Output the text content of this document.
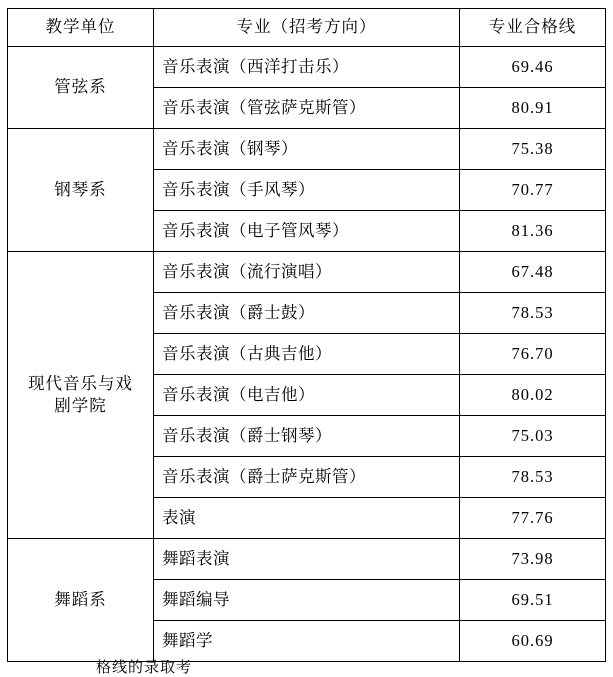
教学单位	专业（招考方向）	专业合格线

管弦系	音乐表演（西洋打击乐）	69.46
	音乐表演（管弦萨克斯管）	80.91

钢琴系	音乐表演（钢琴）	75.38
	音乐表演（手风琴）	70.77
	音乐表演（电子管风琴）	81.36

现代音乐与戏
剧学院	音乐表演（流行演唱）	67.48
	音乐表演（爵士鼓）	78.53
	音乐表演（古典吉他）	76.70
	音乐表演（电吉他）	80.02
	音乐表演（爵士钢琴）	75.03
	音乐表演（爵士萨克斯管）	78.53
	表演	77.76

舞蹈系	舞蹈表演	73.98
	舞蹈编导	69.51
	舞蹈学	60.69
格线的录取考
